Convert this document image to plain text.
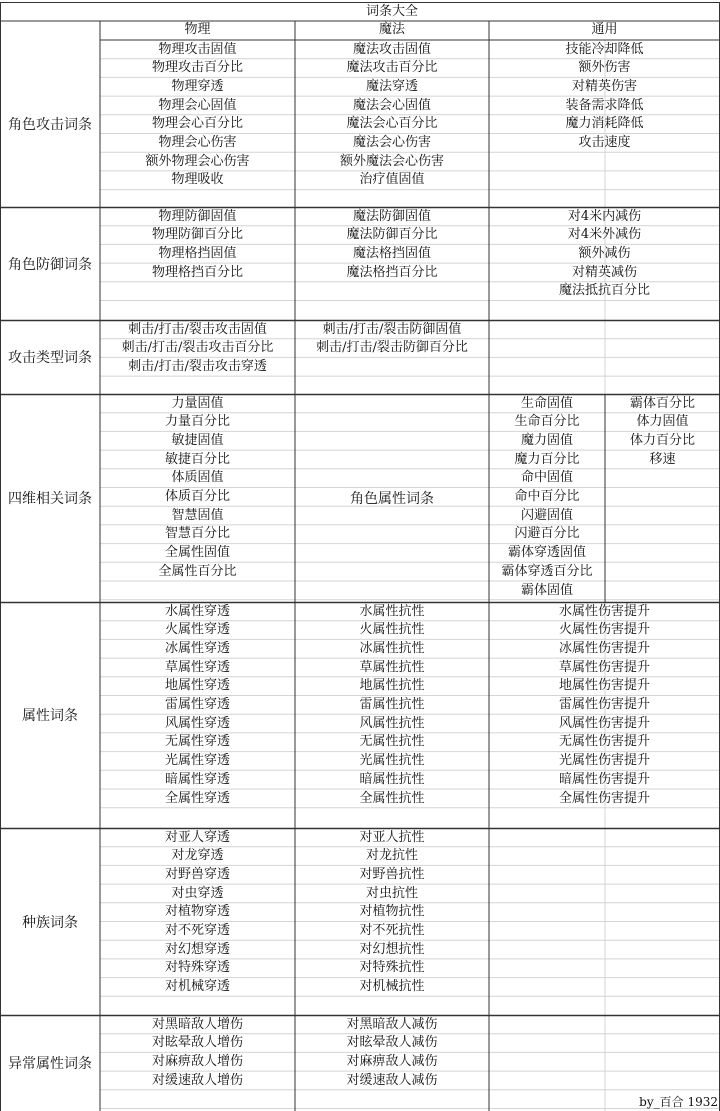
词条大全
物理	魔法	通用
by_百合 1932
角色攻击词条
物理攻击固值
物理攻击百分比
物理穿透
物理会心固值
物理会心百分比
物理会心伤害
额外物理会心伤害
物理吸收
魔法攻击固值
魔法攻击百分比
魔法穿透
魔法会心固值
魔法会心百分比
魔法会心伤害
额外魔法会心伤害
治疗值固值
技能冷却降低
额外伤害
对精英伤害
装备需求降低
魔力消耗降低
攻击速度
角色防御词条
物理防御固值
物理防御百分比
物理格挡固值
物理格挡百分比
魔法防御固值
魔法防御百分比
魔法格挡固值
魔法格挡百分比
对4米内减伤
对4米外减伤
额外减伤
对精英减伤
魔法抵抗百分比
攻击类型词条
刺击/打击/裂击攻击固值
刺击/打击/裂击攻击百分比
刺击/打击/裂击攻击穿透
刺击/打击/裂击防御固值
刺击/打击/裂击防御百分比
四维相关词条
力量固值
力量百分比
敏捷固值
敏捷百分比
体质固值
体质百分比
智慧固值
智慧百分比
全属性固值
全属性百分比
生命固值
生命百分比
魔力固值
魔力百分比
命中固值
命中百分比
闪避固值
闪避百分比
霸体穿透固值
霸体穿透百分比
霸体固值
霸体百分比
体力固值
体力百分比
移速
角色属性词条
属性词条
水属性穿透
火属性穿透
冰属性穿透
草属性穿透
地属性穿透
雷属性穿透
风属性穿透
无属性穿透
光属性穿透
暗属性穿透
全属性穿透
水属性抗性
火属性抗性
冰属性抗性
草属性抗性
地属性抗性
雷属性抗性
风属性抗性
无属性抗性
光属性抗性
暗属性抗性
全属性抗性
水属性伤害提升
火属性伤害提升
冰属性伤害提升
草属性伤害提升
地属性伤害提升
雷属性伤害提升
风属性伤害提升
无属性伤害提升
光属性伤害提升
暗属性伤害提升
全属性伤害提升
种族词条
对亚人穿透
对龙穿透
对野兽穿透
对虫穿透
对植物穿透
对不死穿透
对幻想穿透
对特殊穿透
对机械穿透
对亚人抗性
对龙抗性
对野兽抗性
对虫抗性
对植物抗性
对不死抗性
对幻想抗性
对特殊抗性
对机械抗性
异常属性词条
对黑暗敌人增伤
对眩晕敌人增伤
对麻痹敌人增伤
对缓速敌人增伤
对黑暗敌人减伤
对眩晕敌人减伤
对麻痹敌人减伤
对缓速敌人减伤
